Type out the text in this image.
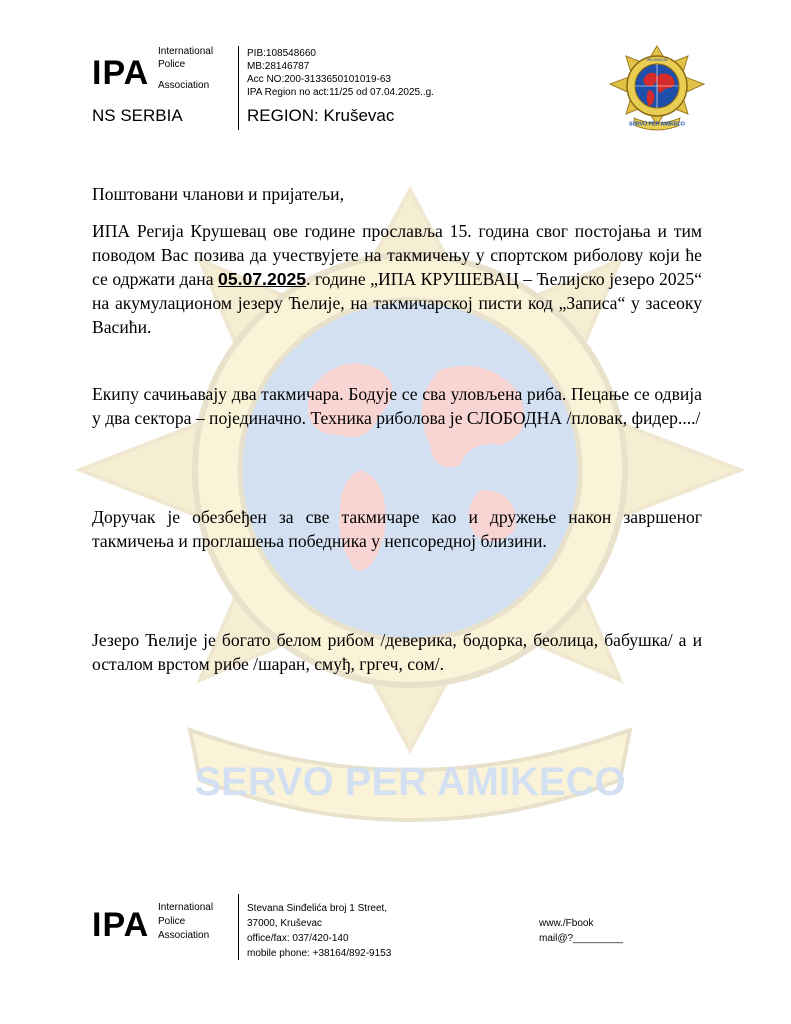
SERVO PER AMIKECO
IPA
International
Police
Association
NS SERBIA
PIB:108548660
MB:28146787
Acc NO:200-3133650101019-63
IPA Region no act:11/25 od 07.04.2025..g.
REGION: Kruševac	SERVO PER AMIKECO
IPA SRBIJA
Поштовани чланови и пријатељи,
ИПА Регија Крушевац ове године прославља 15. година свог постојања и тим поводом Вас позива да учествујете на такмичењу у спортском риболову који ће се одржати дана 05.07.2025. године „ИПА КРУШЕВАЦ – Ћелијско језеро 2025“ на акумулационом језеру Ћелије, на такмичарској писти код „Записа“ у засеоку Васићи.
Екипу сачињавају два такмичара. Бодује се сва уловљена риба. Пецање се одвија у два сектора – појединачно. Техника риболова је СЛОБОДНА /пловак, фидер..../
Доручак је обезбеђен за све такмичаре као и дружење након завршеног такмичења и проглашења победника у непсоредној близини.
Језеро Ћелије је богато белом рибом /деверика, бодорка, беолица, бабушка/ а и осталом врстом рибе /шаран, смуђ, гргеч, сом/.
IPA International
Police
Association
Stevana Sinđelića broj 1 Street,
37000, Kruševac
office/fax: 037/420-140
mobile phone: +38164/892-9153
www./Fbook
mail@?_________
